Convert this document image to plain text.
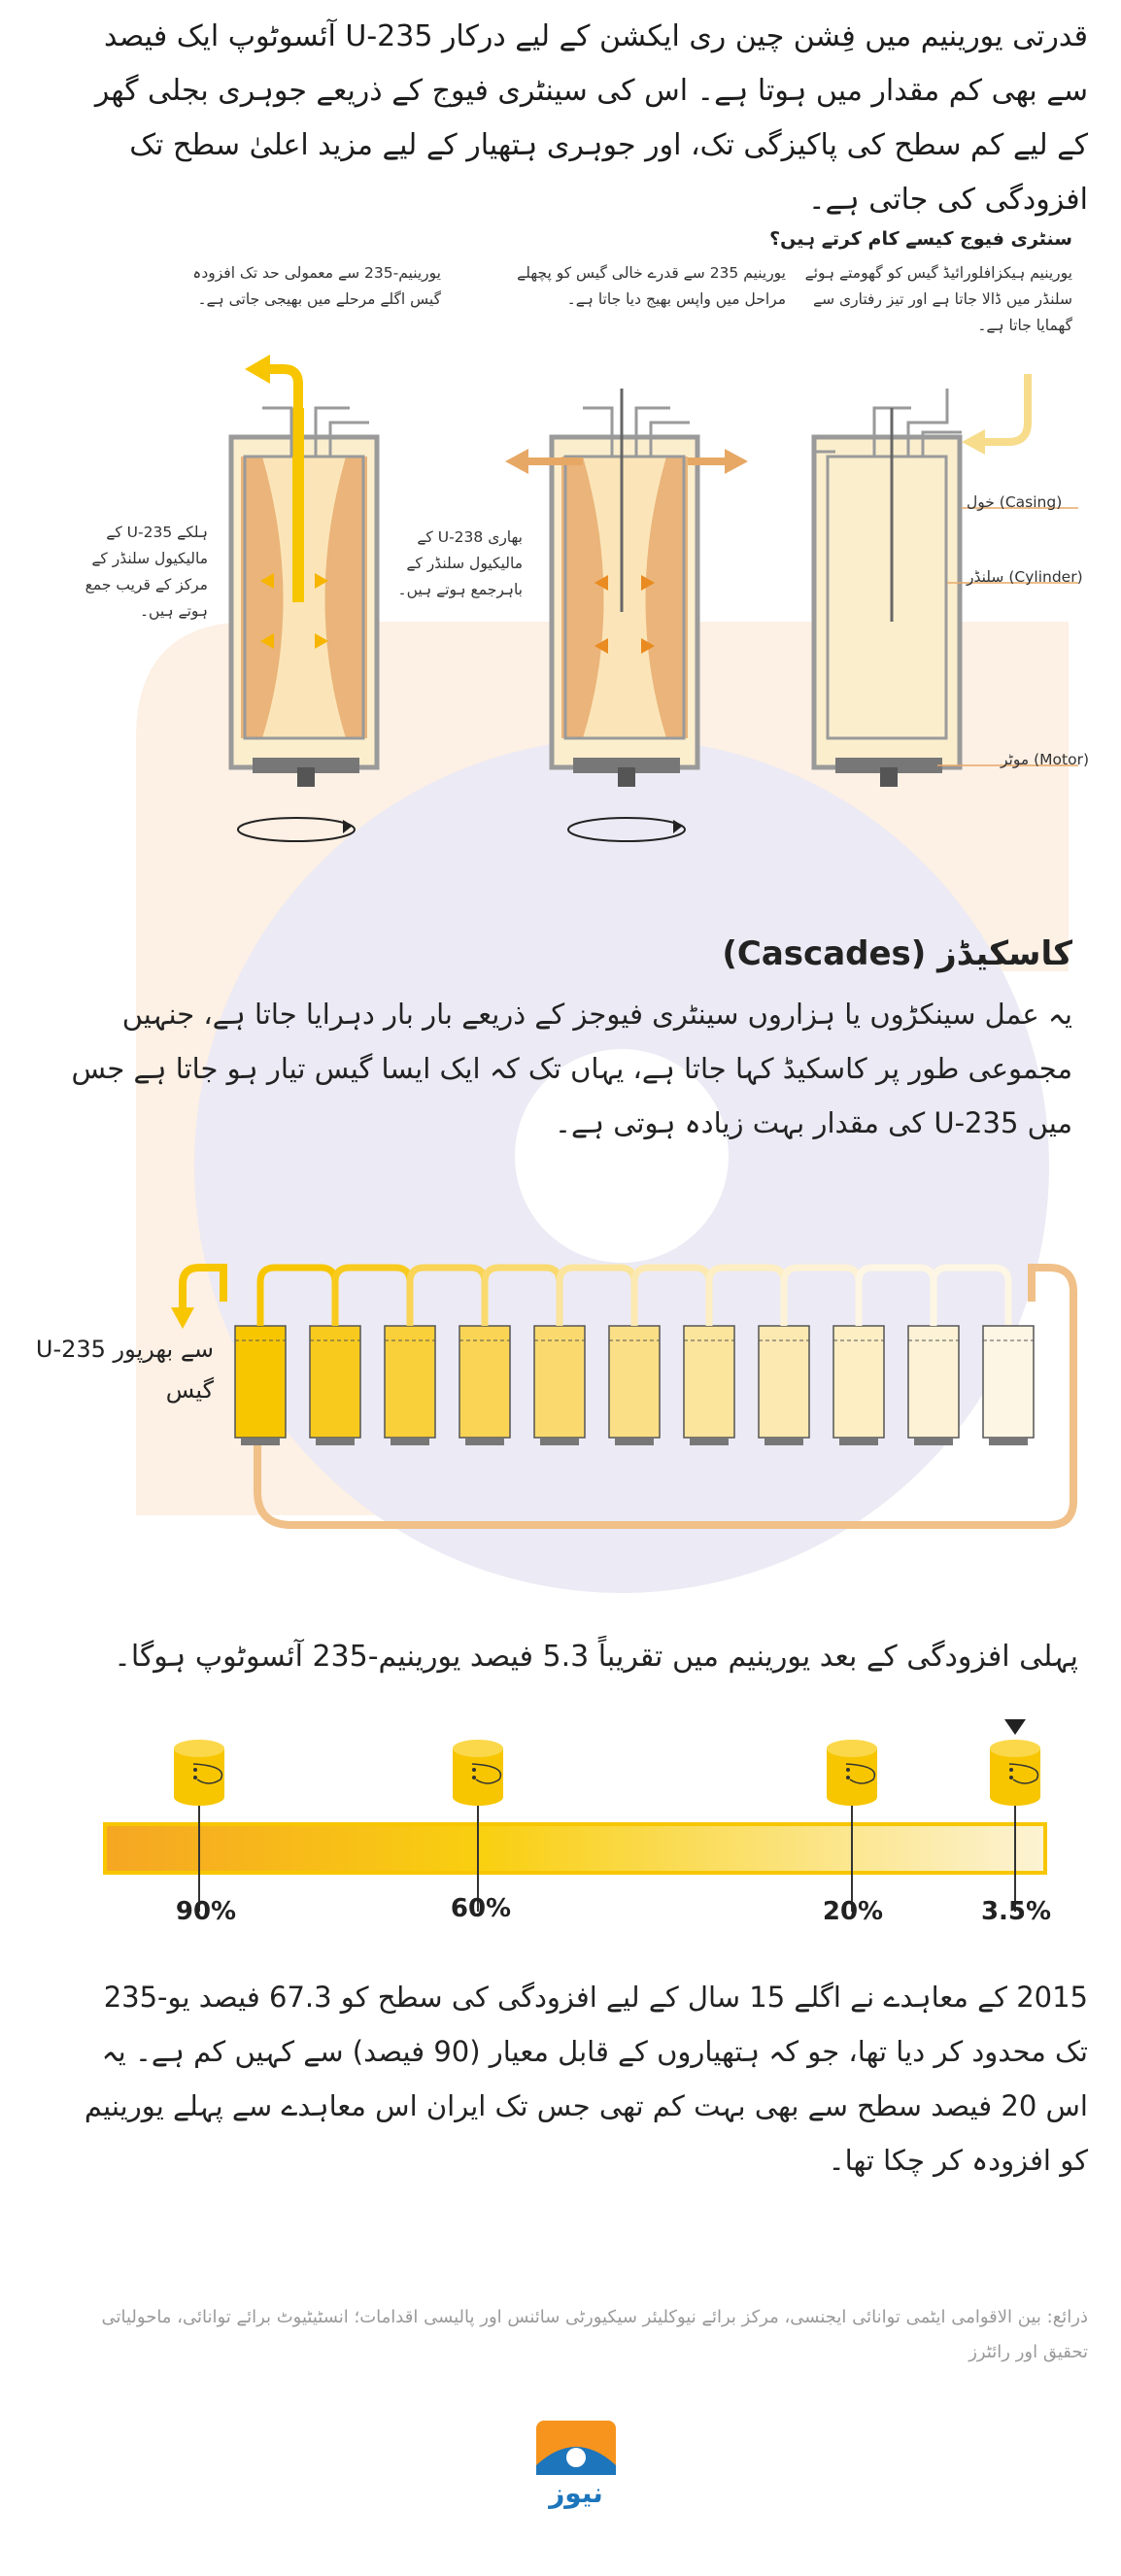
قدرتی یورینیم میں فِشن چین ری ایکشن کے لیے درکار U-235 آئسوٹوپ ایک فیصد سے بھی کم مقدار میں ہوتا ہے۔ اس کی سینٹری فیوج کے ذریعے جوہری بجلی گھر کے لیے کم سطح کی پاکیزگی تک، اور جوہری ہتھیار کے لیے مزید اعلیٰ سطح تک افزودگی کی جاتی ہے۔
سنٹری فیوج کیسے کام کرتے ہیں؟
یورینیم ہیکزافلورائیڈ گیس کو گھومتے ہوئے سلنڈر میں ڈالا جاتا ہے اور تیز رفتاری سے گھمایا جاتا ہے۔
یورینیم 235 سے قدرے خالی گیس کو پچھلے مراحل میں واپس بھیج دیا جاتا ہے۔
یورینیم-235 سے معمولی حد تک افزودہ گیس اگلے مرحلے میں بھیجی جاتی ہے۔
بھاری U-238 کے مالیکیول سلنڈر کے باہرجمع ہوتے ہیں۔
ہلکے U-235 کے مالیکیول سلنڈر کے مرکز کے قریب جمع ہوتے ہیں۔
خول (Casing)
سلنڈر (Cylinder)
موٹر (Motor)
کاسکیڈز (Cascades)
یہ عمل سینکڑوں یا ہزاروں سینٹری فیوجز کے ذریعے بار بار دہرایا جاتا ہے، جنہیں مجموعی طور پر کاسکیڈ کہا جاتا ہے، یہاں تک کہ ایک ایسا گیس تیار ہو جاتا ہے جس میں U-235 کی مقدار بہت زیادہ ہوتی ہے۔
U-235 سے بھرپور گیس
پہلی افزودگی کے بعد یورینیم میں تقریباً 5.3 فیصد یورینیم-235 آئسوٹوپ ہوگا۔
90%	60%	20%	3.5%
2015 کے معاہدے نے اگلے 15 سال کے لیے افزودگی کی سطح کو 67.3 فیصد یو-235 تک محدود کر دیا تھا، جو کہ ہتھیاروں کے قابل معیار (90 فیصد) سے کہیں کم ہے۔ یہ اس 20 فیصد سطح سے بھی بہت کم تھی جس تک ایران اس معاہدے سے پہلے یورینیم کو افزودہ کر چکا تھا۔
ذرائع: بین الاقوامی ایٹمی توانائی ایجنسی، مرکز برائے نیوکلیئر سیکیورٹی سائنس اور پالیسی اقدامات؛ انسٹیٹیوٹ برائے توانائی، ماحولیاتی تحقیق اور رائٹرز
نیوز
